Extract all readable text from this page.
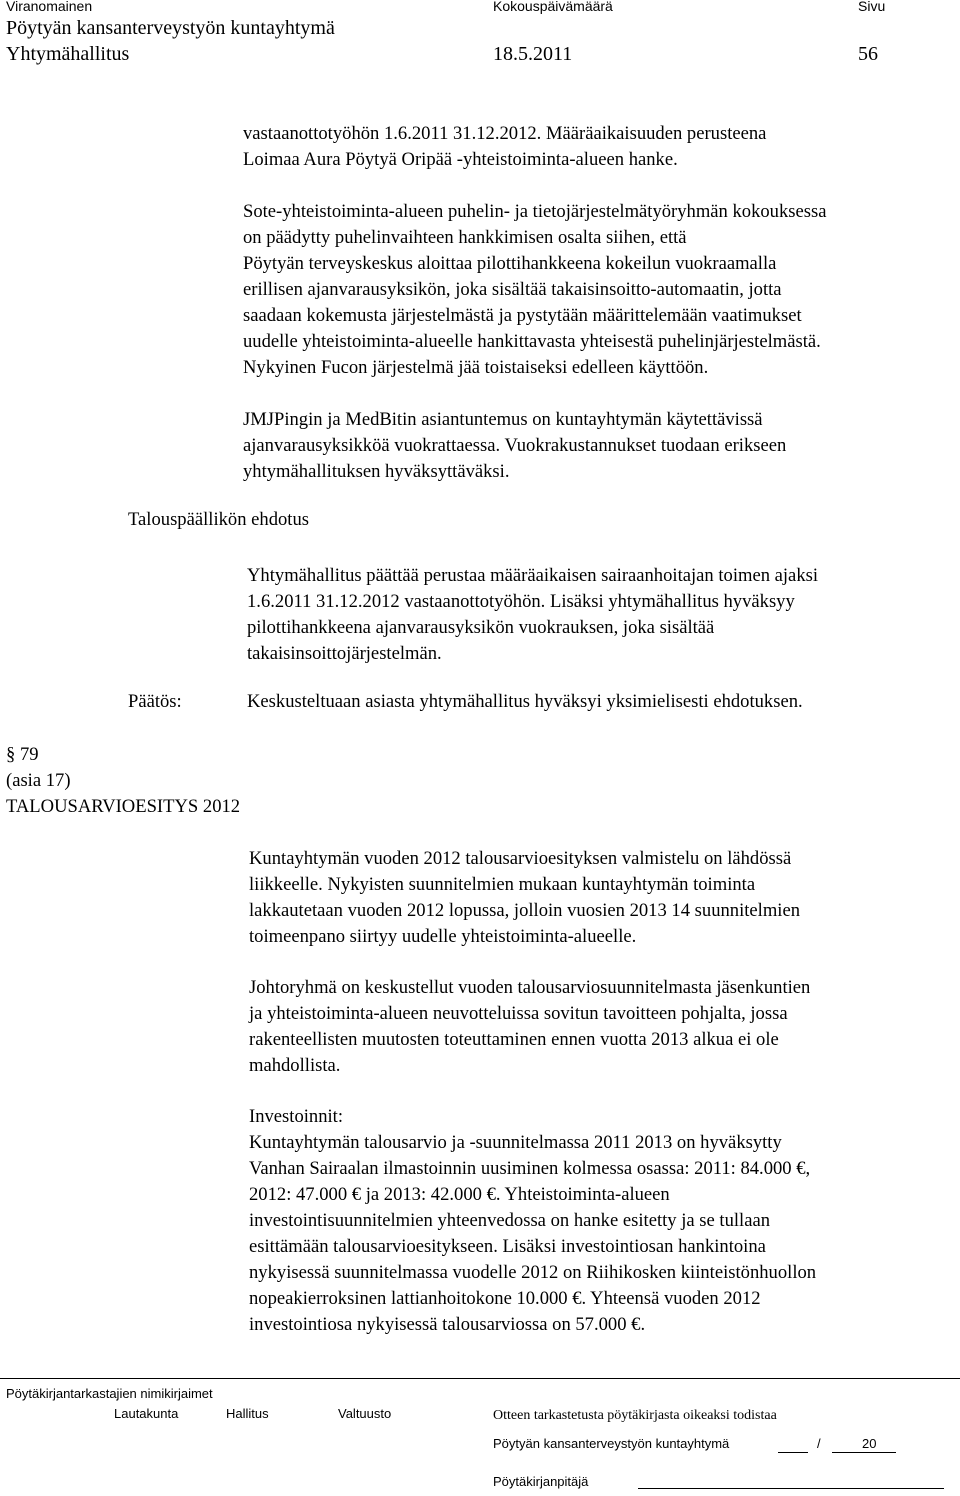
Viranomainen	Kokouspäivämäärä	Sivu
Pöytyän kansanterveystyön kuntayhtymä
Yhtymähallitus	18.5.2011	56
vastaanottotyöhön 1.6.2011 31.12.2012. Määräaikaisuuden perusteena
Loimaa Aura Pöytyä Oripää -yhteistoiminta-alueen hanke.
Sote-yhteistoiminta-alueen puhelin- ja tietojärjestelmätyöryhmän kokouksessa
on päädytty puhelinvaihteen hankkimisen osalta siihen, että
Pöytyän terveyskeskus aloittaa pilottihankkeena kokeilun vuokraamalla
erillisen ajanvarausyksikön, joka sisältää takaisinsoitto-automaatin, jotta
saadaan kokemusta järjestelmästä ja pystytään määrittelemään vaatimukset
uudelle yhteistoiminta-alueelle hankittavasta yhteisestä puhelinjärjestelmästä.
Nykyinen Fucon järjestelmä jää toistaiseksi edelleen käyttöön.
JMJPingin ja MedBitin asiantuntemus on kuntayhtymän käytettävissä
ajanvarausyksikköä vuokrattaessa. Vuokrakustannukset tuodaan erikseen
yhtymähallituksen hyväksyttäväksi.
Talouspäällikön ehdotus
Yhtymähallitus päättää perustaa määräaikaisen sairaanhoitajan toimen ajaksi
1.6.2011 31.12.2012 vastaanottotyöhön. Lisäksi yhtymähallitus hyväksyy
pilottihankkeena ajanvarausyksikön vuokrauksen, joka sisältää
takaisinsoittojärjestelmän.
Päätös:	Keskusteltuaan asiasta yhtymähallitus hyväksyi yksimielisesti ehdotuksen.
§ 79
(asia 17)
TALOUSARVIOESITYS 2012
Kuntayhtymän vuoden 2012 talousarvioesityksen valmistelu on lähdössä
liikkeelle. Nykyisten suunnitelmien mukaan kuntayhtymän toiminta
lakkautetaan vuoden 2012 lopussa, jolloin vuosien 2013 14 suunnitelmien
toimeenpano siirtyy uudelle yhteistoiminta-alueelle.
Johtoryhmä on keskustellut vuoden talousarviosuunnitelmasta jäsenkuntien
ja yhteistoiminta-alueen neuvotteluissa sovitun tavoitteen pohjalta, jossa
rakenteellisten muutosten toteuttaminen ennen vuotta 2013 alkua ei ole
mahdollista.
Investoinnit:
Kuntayhtymän talousarvio ja -suunnitelmassa 2011 2013 on hyväksytty
Vanhan Sairaalan ilmastoinnin uusiminen kolmessa osassa: 2011: 84.000 €,
2012: 47.000 € ja 2013: 42.000 €. Yhteistoiminta-alueen
investointisuunnitelmien yhteenvedossa on hanke esitetty ja se tullaan
esittämään talousarvioesitykseen. Lisäksi investointiosan hankintoina
nykyisessä suunnitelmassa vuodelle 2012 on Riihikosken kiinteistönhuollon
nopeakierroksinen lattianhoitokone 10.000 €. Yhteensä vuoden 2012
investointiosa nykyisessä talousarviossa on 57.000 €.
Pöytäkirjantarkastajien nimikirjaimet
Lautakunta	Hallitus	Valtuusto	Otteen tarkastetusta pöytäkirjasta oikeaksi todistaa
Pöytyän kansanterveystyön kuntayhtymä	/	20
Pöytäkirjanpitäjä
